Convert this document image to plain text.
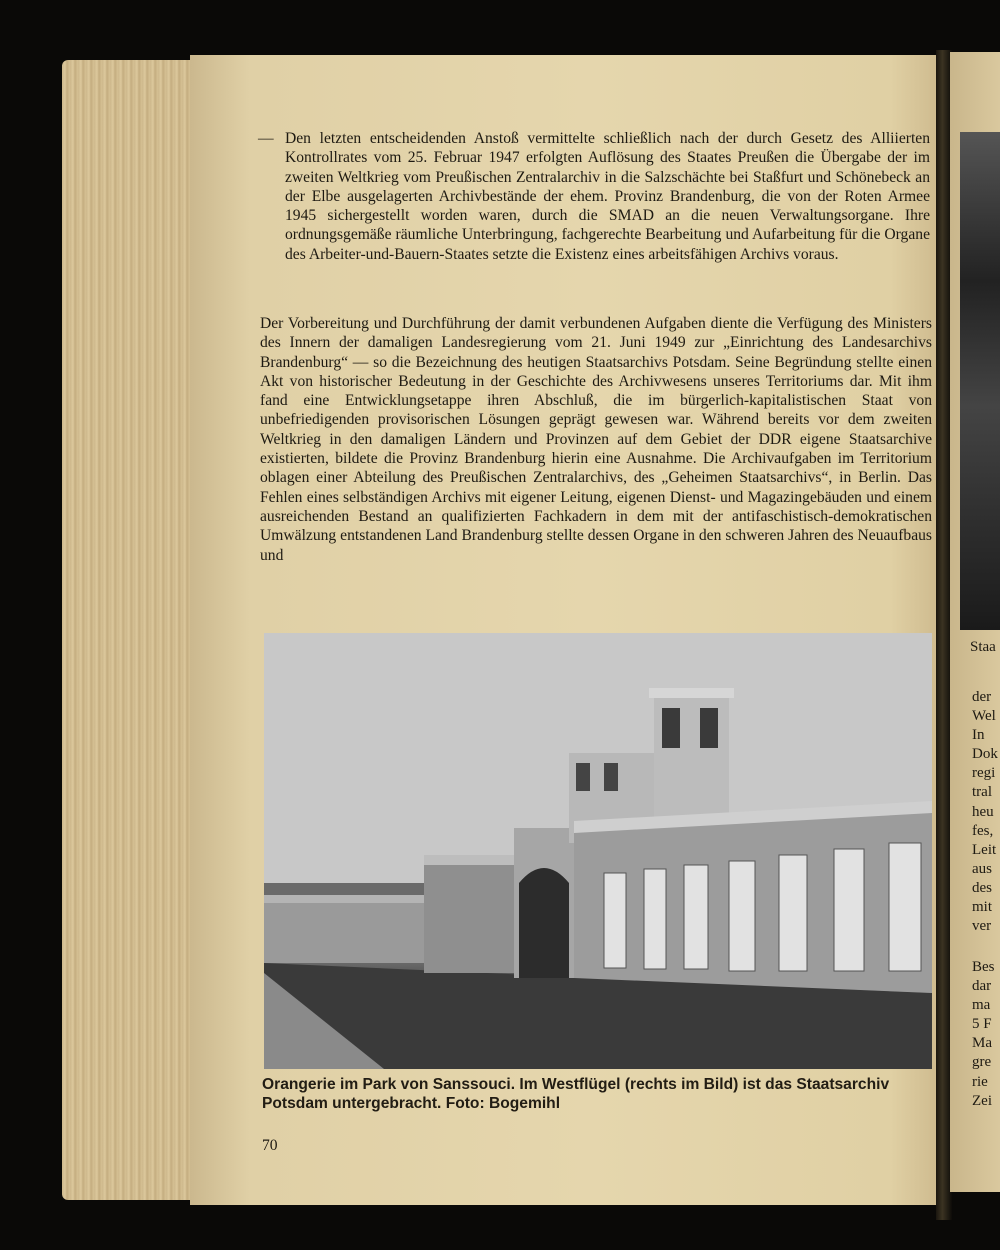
— Den letzten entscheidenden Anstoß vermittelte schließlich nach der durch Gesetz des Alliierten Kontrollrates vom 25. Februar 1947 erfolgten Auflösung des Staates Preußen die Übergabe der im zweiten Weltkrieg vom Preußischen Zentralarchiv in die Salzschächte bei Staßfurt und Schönebeck an der Elbe ausgelagerten Archivbestände der ehem. Provinz Brandenburg, die von der Roten Armee 1945 sichergestellt worden waren, durch die SMAD an die neuen Verwaltungsorgane. Ihre ordnungsgemäße räumliche Unterbringung, fachgerechte Bearbeitung und Aufarbeitung für die Organe des Arbeiter-und-Bauern-Staates setzte die Existenz eines arbeitsfähigen Archivs voraus.
Der Vorbereitung und Durchführung der damit verbundenen Aufgaben diente die Verfügung des Ministers des Innern der damaligen Landesregierung vom 21. Juni 1949 zur „Einrichtung des Landesarchivs Brandenburg“ — so die Bezeichnung des heutigen Staatsarchivs Potsdam. Seine Begründung stellte einen Akt von historischer Bedeutung in der Geschichte des Archivwesens unseres Territoriums dar. Mit ihm fand eine Entwicklungsetappe ihren Abschluß, die im bürgerlich-kapitalistischen Staat von unbefriedigenden provisorischen Lösungen geprägt gewesen war. Während bereits vor dem zweiten Weltkrieg in den damaligen Ländern und Provinzen auf dem Gebiet der DDR eigene Staatsarchive existierten, bildete die Provinz Brandenburg hierin eine Ausnahme. Die Archivaufgaben im Territorium oblagen einer Abteilung des Preußischen Zentralarchivs, des „Geheimen Staatsarchivs“, in Berlin. Das Fehlen eines selbständigen Archivs mit eigener Leitung, eigenen Dienst- und Magazingebäuden und einem ausreichenden Bestand an qualifizierten Fachkadern in dem mit der antifaschistisch-demokratischen Umwälzung entstandenen Land Brandenburg stellte dessen Organe in den schweren Jahren des Neuaufbaus und
Orangerie im Park von Sanssouci. Im Westflügel (rechts im Bild) ist das Staatsarchiv Potsdam untergebracht. Foto: Bogemihl
70
Staa
der
Wel
In
Dok
regi
tral
heu
fes,
Leit
aus
des
mit
ver
Bes
dar
ma
5 F
Ma
gre
rie
Zei
